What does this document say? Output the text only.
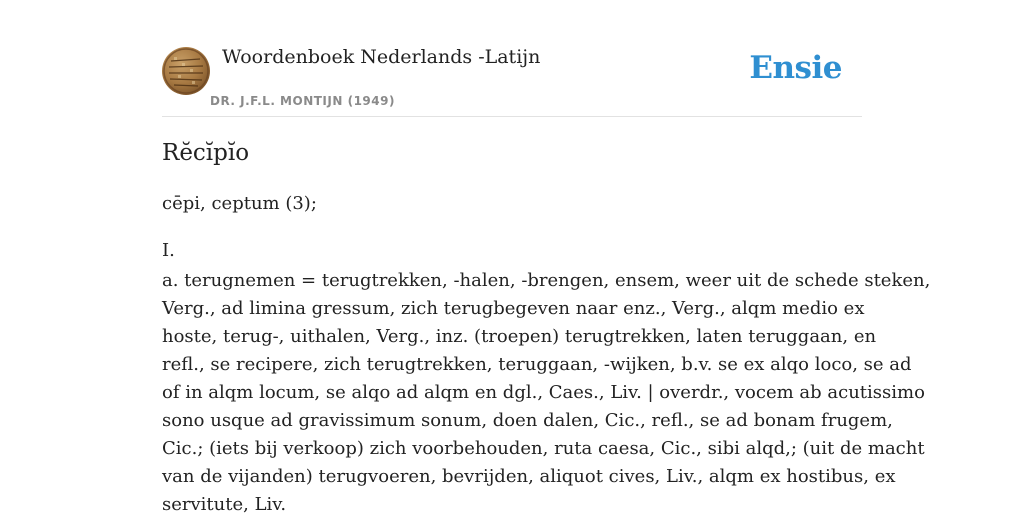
Woordenboek Nederlands -Latijn
DR. J.F.L. MONTIJN (1949)
Ensie
Rĕcĭpĭo
cēpi, ceptum (3);
I.
a. terugnemen = terugtrekken, -halen, -brengen, ensem, weer uit de schede steken,
Verg., ad limina gressum, zich terugbegeven naar enz., Verg., alqm medio ex
hoste, terug-, uithalen, Verg., inz. (troepen) terugtrekken, laten teruggaan, en
refl., se recipere, zich terugtrekken, teruggaan, -wijken, b.v. se ex alqo loco, se ad
of in alqm locum, se alqo ad alqm en dgl., Caes., Liv. | overdr., vocem ab acutissimo
sono usque ad gravissimum sonum, doen dalen, Cic., refl., se ad bonam frugem,
Cic.; (iets bij verkoop) zich voorbehouden, ruta caesa, Cic., sibi alqd,; (uit de macht
van de vijanden) terugvoeren, bevrijden, aliquot cives, Liv., alqm ex hostibus, ex
servitute, Liv.
